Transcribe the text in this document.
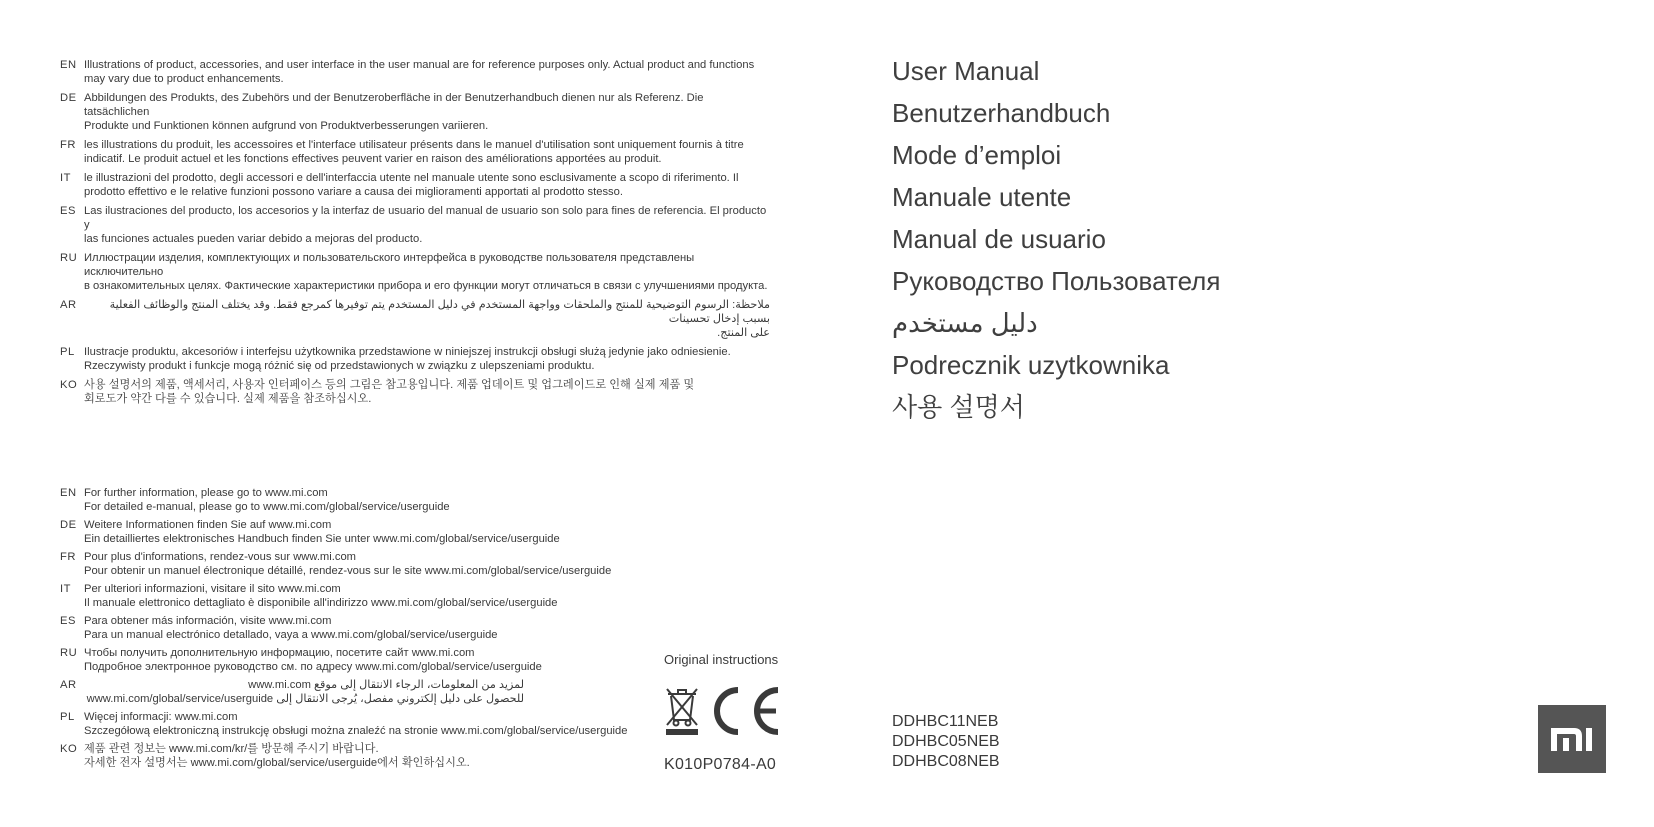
EN Illustrations of product, accessories, and user interface in the user manual are for reference purposes only. Actual product and functions
may vary due to product enhancements.
DE Abbildungen des Produkts, des Zubehörs und der Benutzeroberfläche in der Benutzerhandbuch dienen nur als Referenz. Die tatsächlichen
Produkte und Funktionen können aufgrund von Produktverbesserungen variieren.
FR les illustrations du produit, les accessoires et l'interface utilisateur présents dans le manuel d'utilisation sont uniquement fournis à titre
indicatif. Le produit actuel et les fonctions effectives peuvent varier en raison des améliorations apportées au produit.
IT	le illustrazioni del prodotto, degli accessori e dell'interfaccia utente nel manuale utente sono esclusivamente a scopo di riferimento. Il
prodotto effettivo e le relative funzioni possono variare a causa dei miglioramenti apportati al prodotto stesso.
ES Las ilustraciones del producto, los accesorios y la interfaz de usuario del manual de usuario son solo para fines de referencia. El producto y
las funciones actuales pueden variar debido a mejoras del producto.
RU Иллюстрации изделия, комплектующих и пользовательского интерфейса в руководстве пользователя представлены исключительно
в ознакомительных целях. Фактические характеристики прибора и его функции могут отличаться в связи с улучшениями продукта.
AR	ملاحظة: الرسوم التوضيحية للمنتج والملحقات وواجهة المستخدم في دليل المستخدم يتم توفيرها كمرجع فقط. وقد يختلف المنتج والوظائف الفعلية بسبب إدخال تحسينات
على المنتج.
PL Ilustracje produktu, akcesoriów i interfejsu użytkownika przedstawione w niniejszej instrukcji obsługi służą jedynie jako odniesienie.
Rzeczywisty produkt i funkcje mogą różnić się od przedstawionych w związku z ulepszeniami produktu.
KO 사용 설명서의 제품, 액세서리, 사용자 인터페이스 등의 그림은 참고용입니다. 제품 업데이트 및 업그레이드로 인해 실제 제품 및
회로도가 약간 다를 수 있습니다. 실제 제품을 참조하십시오.
EN For further information, please go to www.mi.com
For detailed e-manual, please go to www.mi.com/global/service/userguide
DE Weitere Informationen finden Sie auf www.mi.com
Ein detailliertes elektronisches Handbuch finden Sie unter www.mi.com/global/service/userguide
FR Pour plus d'informations, rendez-vous sur www.mi.com
Pour obtenir un manuel électronique détaillé, rendez-vous sur le site www.mi.com/global/service/userguide
IT	Per ulteriori informazioni, visitare il sito www.mi.com
Il manuale elettronico dettagliato è disponibile all'indirizzo www.mi.com/global/service/userguide
ES Para obtener más información, visite www.mi.com
Para un manual electrónico detallado, vaya a www.mi.com/global/service/userguide
RU Чтобы получить дополнительную информацию, посетите сайт www.mi.com
Подробное электронное руководство см. по адресу www.mi.com/global/service/userguide
AR	لمزيد من المعلومات، الرجاء الانتقال إلى موقع www.mi.com
للحصول على دليل إلكتروني مفصل، يُرجى الانتقال إلى www.mi.com/global/service/userguide
PL Więcej informacji: www.mi.com
Szczegółową elektroniczną instrukcję obsługi można znaleźć na stronie www.mi.com/global/service/userguide
KO 제품 관련 정보는 www.mi.com/kr/를 방문해 주시기 바랍니다.
자세한 전자 설명서는 www.mi.com/global/service/userguide에서 확인하십시오.
User Manual
Benutzerhandbuch
Mode d’emploi
Manuale utente
Manual de usuario
Руководство Пользователя
دليل مستخدم
Podrecznik uzytkownika
사용 설명서
Original instructions
K010P0784-A0
DDHBC11NEB
DDHBC05NEB
DDHBC08NEB
